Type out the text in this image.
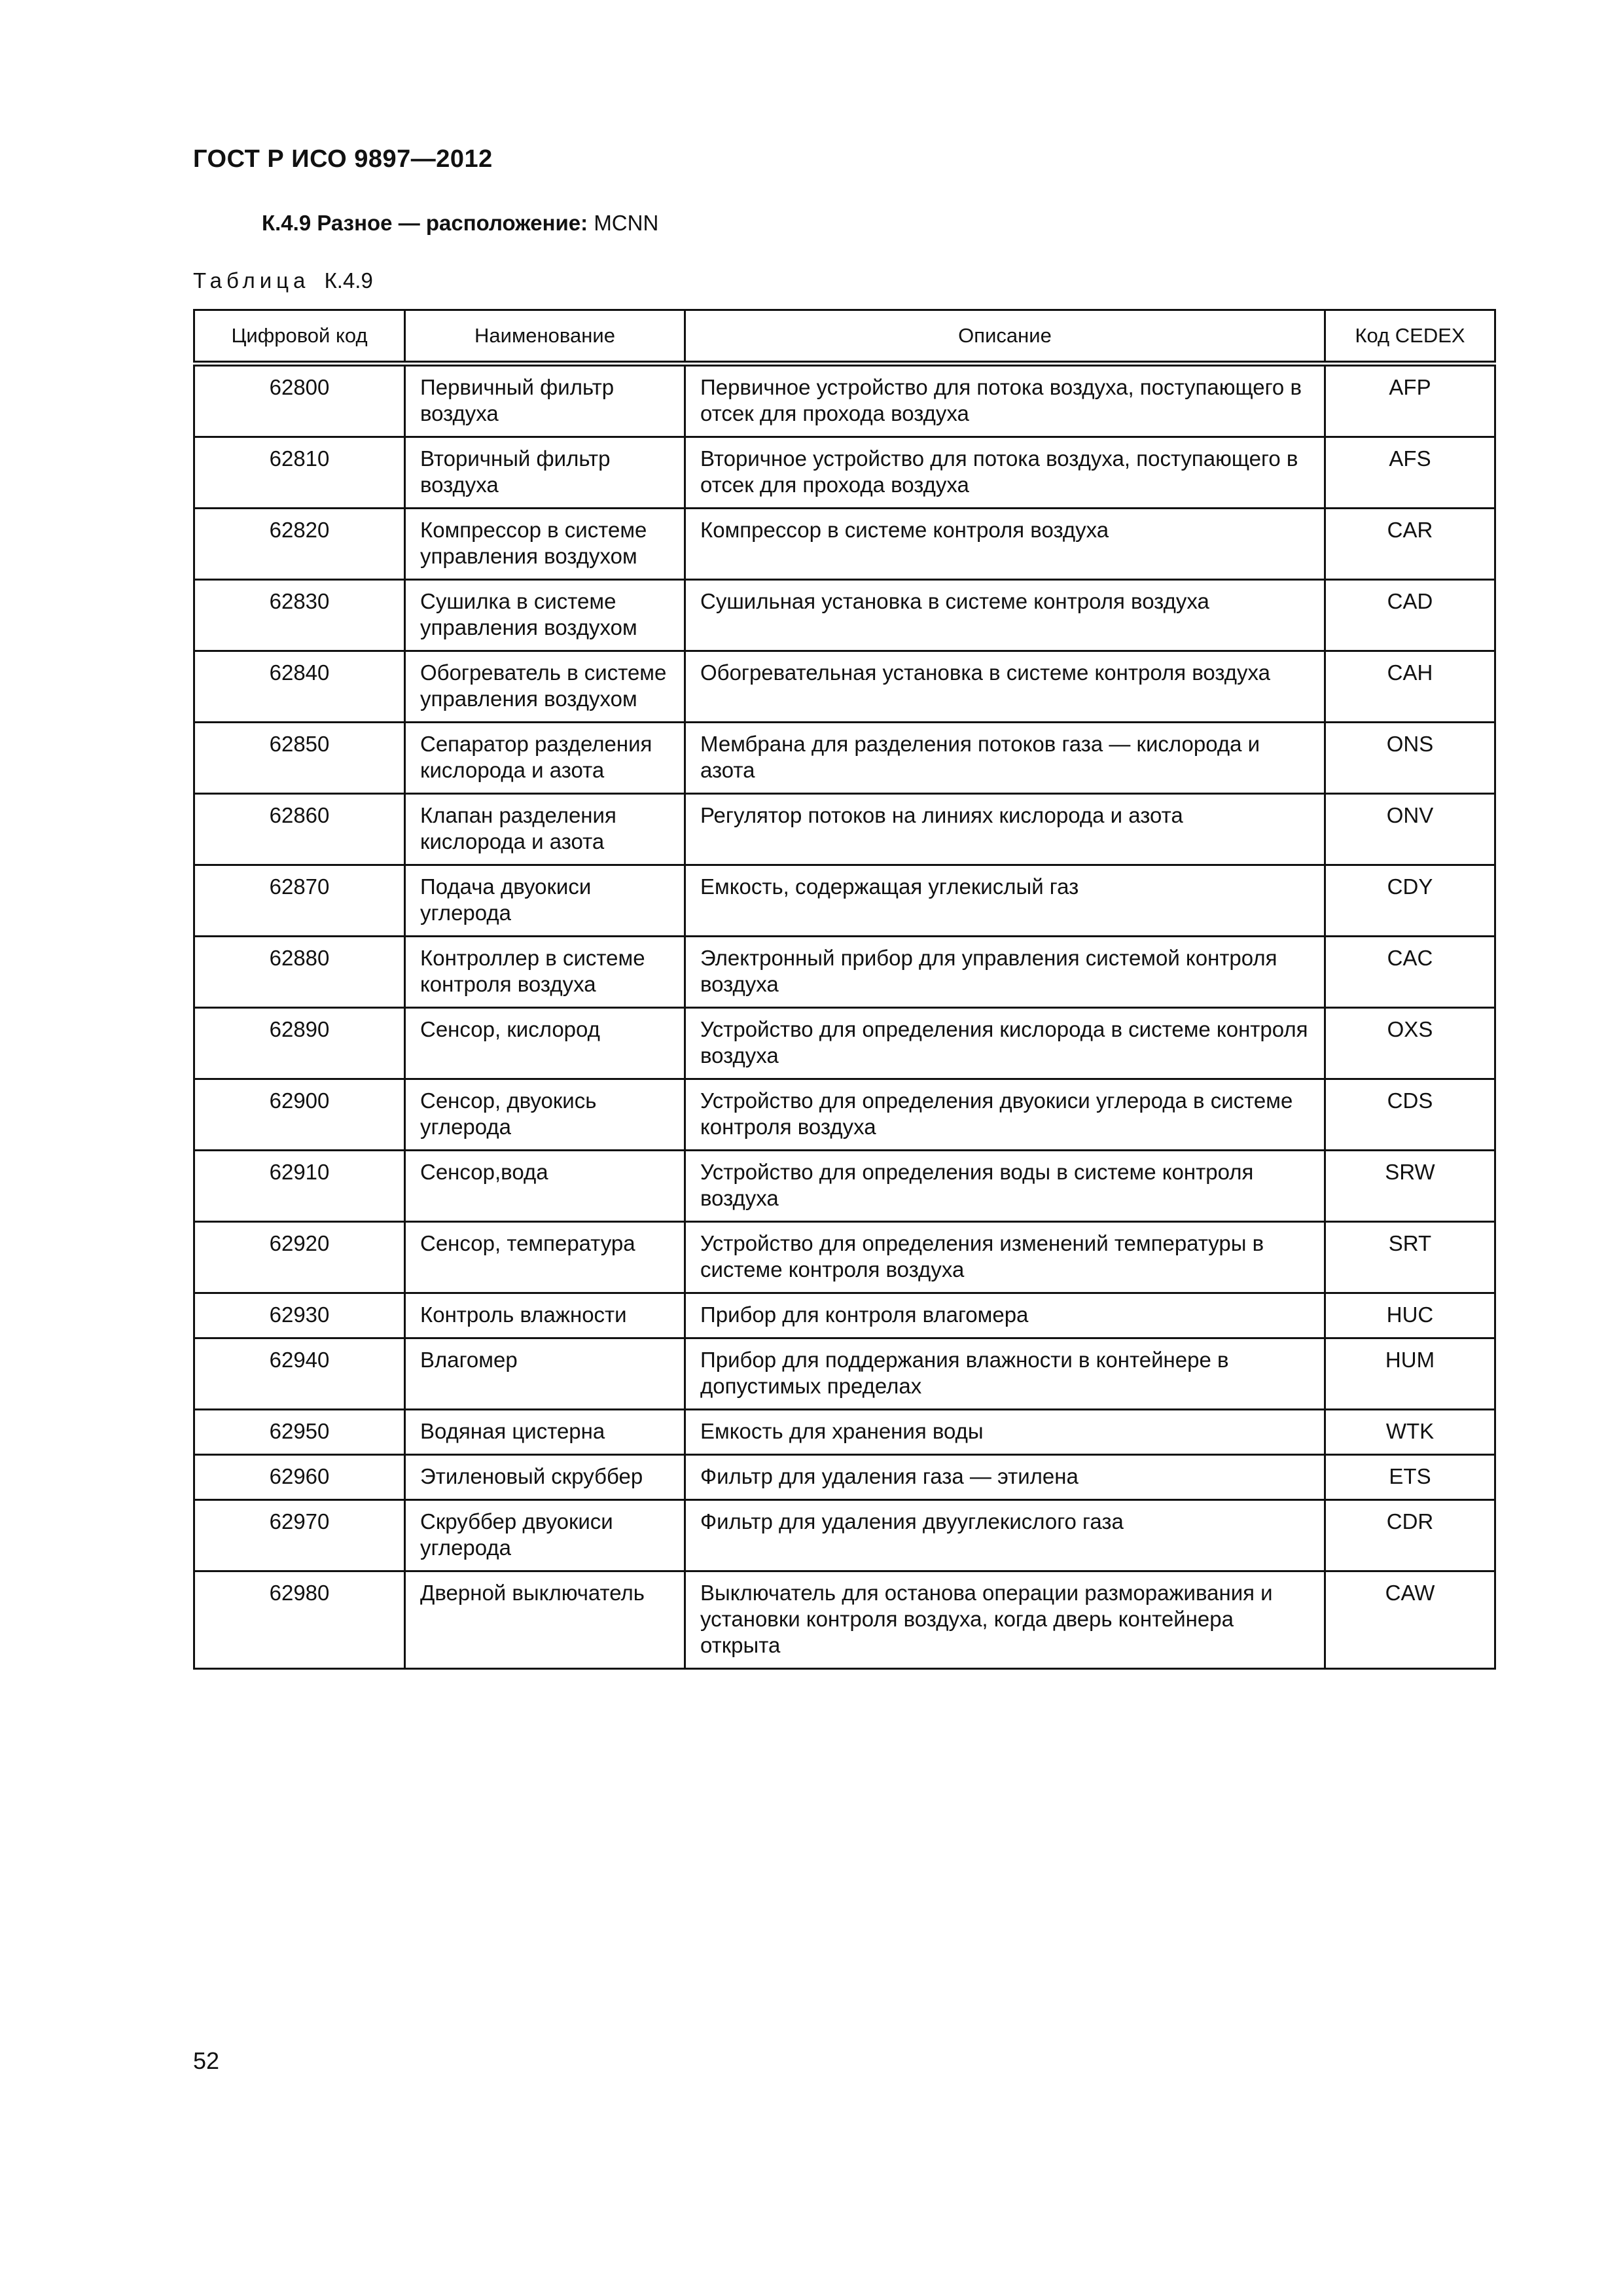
ГОСТ Р ИСО 9897—2012
К.4.9 Разное — расположение: MCNN
Таблица К.4.9
Цифровой код	Наименование	Описание	Код CEDEX
62800	Первичный фильтр воздуха	Первичное устройство для потока воздуха, поступающего в отсек для прохода воздуха	AFP
62810	Вторичный фильтр воздуха	Вторичное устройство для потока воздуха, поступающего в отсек для прохода воздуха	AFS
62820	Компрессор в системе управления воздухом	Компрессор в системе контроля воздуха	CAR
62830	Сушилка в системе управления воздухом	Сушильная установка в системе контроля воздуха	CAD
62840	Обогреватель в системе управления воздухом	Обогревательная установка в системе контроля воздуха	CAH
62850	Сепаратор разделения кислорода и азота	Мембрана для разделения потоков газа — кислорода и азота	ONS
62860	Клапан разделения кислорода и азота	Регулятор потоков на линиях кислорода и азота	ONV
62870	Подача двуокиси углерода	Емкость, содержащая углекислый газ	CDY
62880	Контроллер в системе контроля воздуха	Электронный прибор для управления системой контроля воздуха	CAC
62890	Сенсор, кислород	Устройство для определения кислорода в системе контроля воздуха	OXS
62900	Сенсор, двуокись углерода	Устройство для определения двуокиси углерода в системе контроля воздуха	CDS
62910	Сенсор,вода	Устройство для определения воды в системе контроля воздуха	SRW
62920	Сенсор, температура	Устройство для определения изменений температуры в системе контроля воздуха	SRT
62930	Контроль влажности	Прибор для контроля влагомера	HUC
62940	Влагомер	Прибор для поддержания влажности в контейнере в допустимых пределах	HUM
62950	Водяная цистерна	Емкость для хранения воды	WTK
62960	Этиленовый скруббер	Фильтр для удаления газа — этилена	ETS
62970	Скруббер двуокиси углерода	Фильтр для удаления двууглекислого газа	CDR
62980	Дверной выключатель	Выключатель для останова операции размораживания и установки контроля воздуха, когда дверь контейнера открыта	CAW
52
